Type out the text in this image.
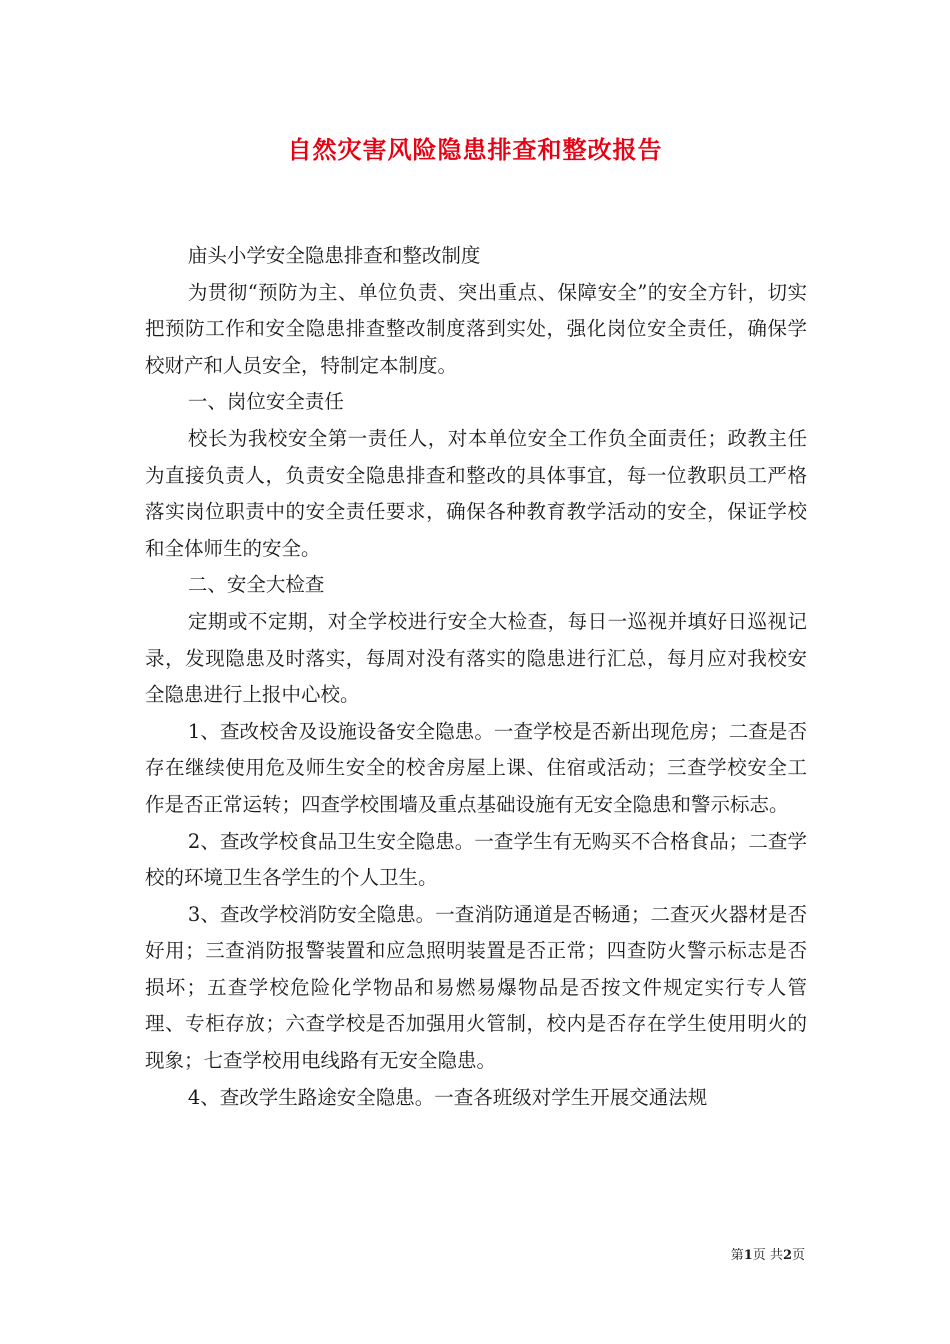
自然灾害风险隐患排查和整改报告

庙头小学安全隐患排查和整改制度

为贯彻“预防为主、单位负责、突出重点、保障安全”的安全方针，切实把预防工作和安全隐患排查整改制度落到实处，强化岗位安全责任，确保学校财产和人员安全，特制定本制度。

一、岗位安全责任

校长为我校安全第一责任人，对本单位安全工作负全面责任；政教主任为直接负责人，负责安全隐患排查和整改的具体事宜，每一位教职员工严格落实岗位职责中的安全责任要求，确保各种教育教学活动的安全，保证学校和全体师生的安全。

二、安全大检查

定期或不定期，对全学校进行安全大检查，每日一巡视并填好日巡视记录，发现隐患及时落实，每周对没有落实的隐患进行汇总，每月应对我校安全隐患进行上报中心校。

1、查改校舍及设施设备安全隐患。一查学校是否新出现危房；二查是否存在继续使用危及师生安全的校舍房屋上课、住宿或活动；三查学校安全工作是否正常运转；四查学校围墙及重点基础设施有无安全隐患和警示标志。

2、查改学校食品卫生安全隐患。一查学生有无购买不合格食品；二查学校的环境卫生各学生的个人卫生。

3、查改学校消防安全隐患。一查消防通道是否畅通；二查灭火器材是否好用；三查消防报警装置和应急照明装置是否正常；四查防火警示标志是否损坏；五查学校危险化学物品和易燃易爆物品是否按文件规定实行专人管理、专柜存放；六查学校是否加强用火管制，校内是否存在学生使用明火的现象；七查学校用电线路有无安全隐患。

4、查改学生路途安全隐患。一查各班级对学生开展交通法规

第1页 共2页
